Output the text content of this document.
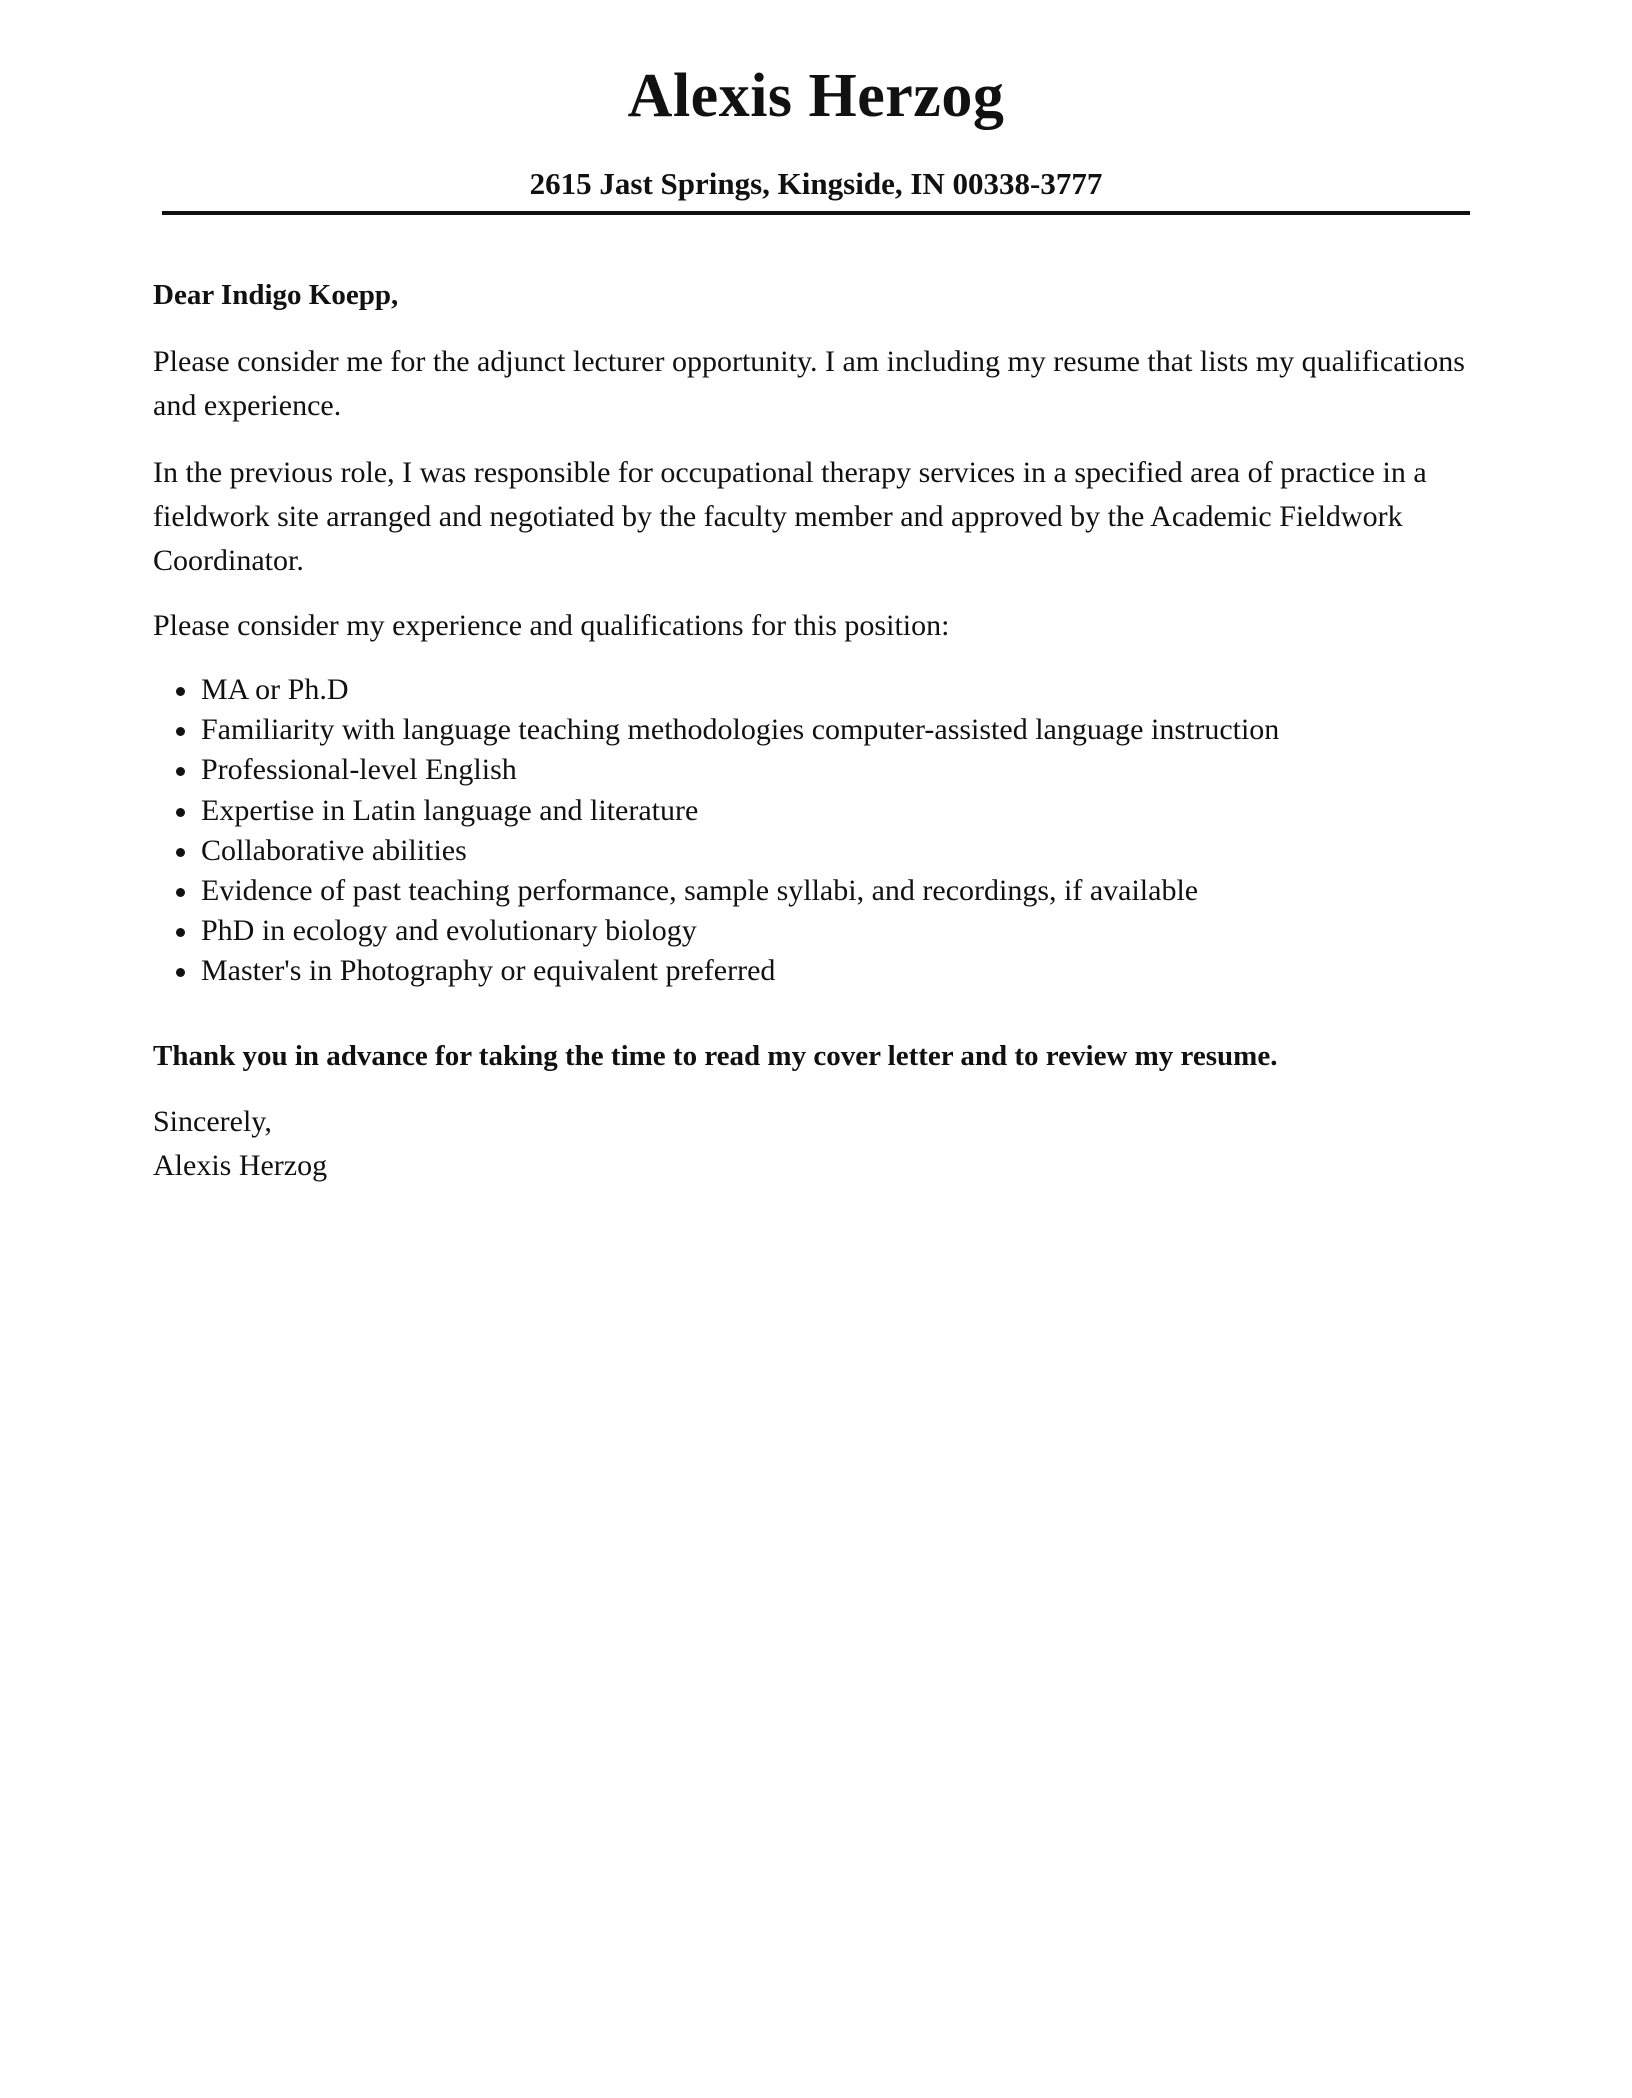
Alexis Herzog
2615 Jast Springs, Kingside, IN 00338-3777
Dear Indigo Koepp,
Please consider me for the adjunct lecturer opportunity. I am including my resume that lists my qualifications and experience.
In the previous role, I was responsible for occupational therapy services in a specified area of practice in a fieldwork site arranged and negotiated by the faculty member and approved by the Academic Fieldwork Coordinator.
Please consider my experience and qualifications for this position:
MA or Ph.D
Familiarity with language teaching methodologies computer-assisted language instruction
Professional-level English
Expertise in Latin language and literature
Collaborative abilities
Evidence of past teaching performance, sample syllabi, and recordings, if available
PhD in ecology and evolutionary biology
Master's in Photography or equivalent preferred
Thank you in advance for taking the time to read my cover letter and to review my resume.
Sincerely,
Alexis Herzog
